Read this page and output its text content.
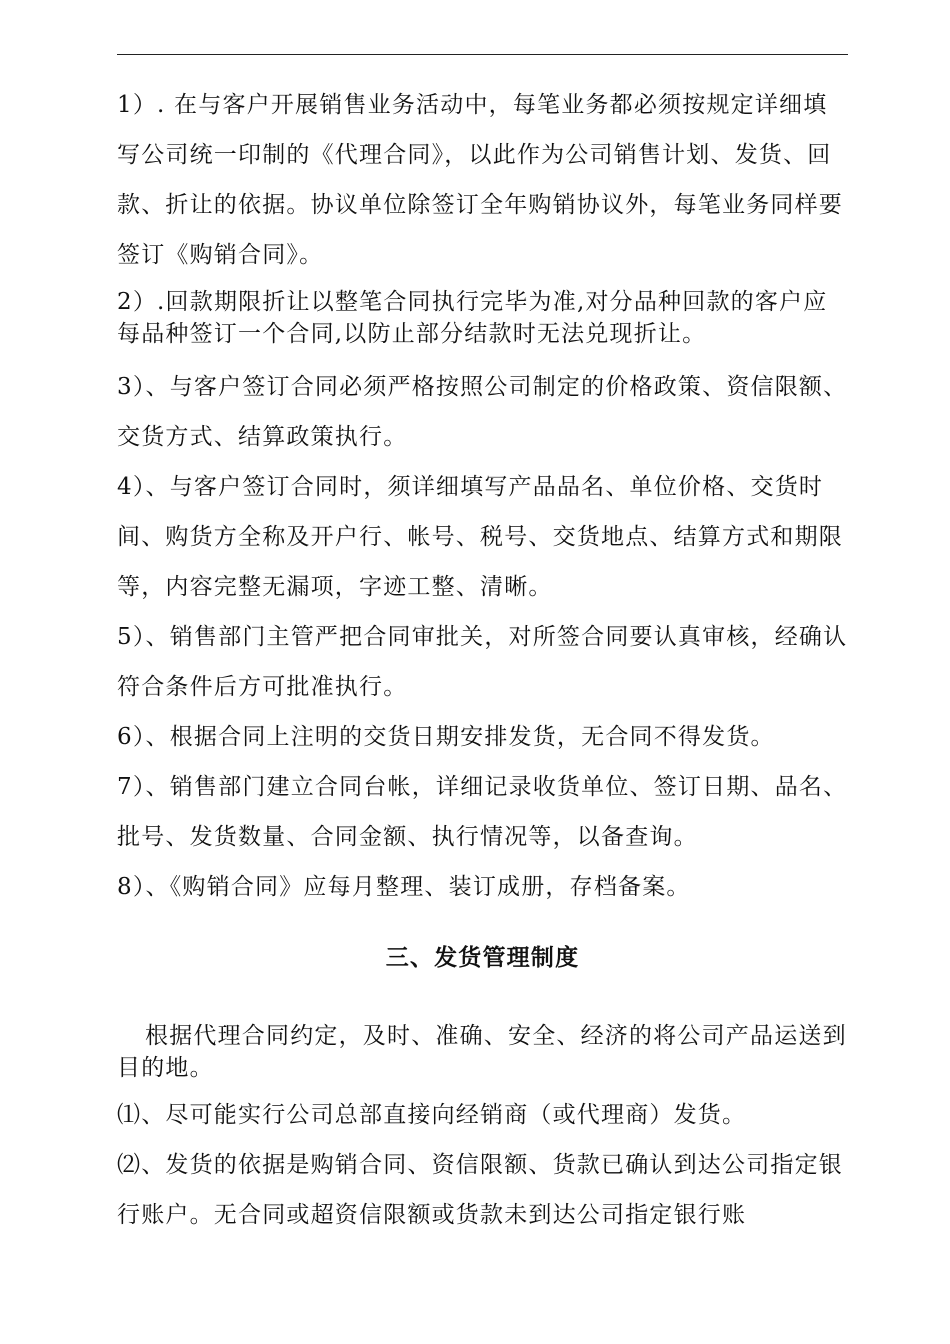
1）. 在与客户开展销售业务活动中，每笔业务都必须按规定详细填写公司统一印制的《代理合同》，以此作为公司销售计划、发货、回款、折让的依据。协议单位除签订全年购销协议外，每笔业务同样要签订《购销合同》。

2）.回款期限折让以整笔合同执行完毕为准,对分品种回款的客户应每品种签订一个合同,以防止部分结款时无法兑现折让。

3）、与客户签订合同必须严格按照公司制定的价格政策、资信限额、交货方式、结算政策执行。

4）、与客户签订合同时，须详细填写产品品名、单位价格、交货时间、购货方全称及开户行、帐号、税号、交货地点、结算方式和期限等，内容完整无漏项，字迹工整、清晰。

5）、销售部门主管严把合同审批关，对所签合同要认真审核，经确认符合条件后方可批准执行。

6）、根据合同上注明的交货日期安排发货，无合同不得发货。

7）、销售部门建立合同台帐，详细记录收货单位、签订日期、品名、批号、发货数量、合同金额、执行情况等，以备查询。

8）、《购销合同》应每月整理、装订成册，存档备案。

三、发货管理制度

根据代理合同约定，及时、准确、安全、经济的将公司产品运送到目的地。

⑴、尽可能实行公司总部直接向经销商（或代理商）发货。

⑵、发货的依据是购销合同、资信限额、货款已确认到达公司指定银行账户。无合同或超资信限额或货款未到达公司指定银行账
